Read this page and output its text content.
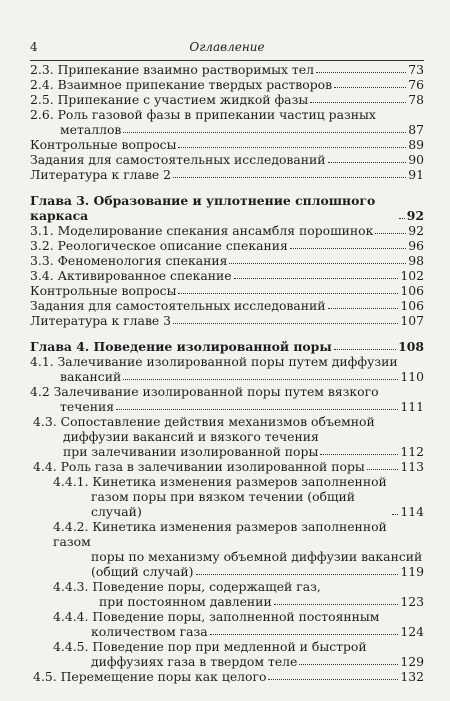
4	Оглавление
2.3. Припекание взаимно растворимых тел	73
2.4. Взаимное припекание твердых растворов	76
2.5. Припекание с участием жидкой фазы	78
2.6. Роль газовой фазы в припекании частиц разных
металлов	87
Контрольные вопросы	89
Задания для самостоятельных исследований	90
Литература к главе 2	91
Глава 3. Образование и уплотнение сплошного каркаса	92
3.1. Моделирование спекания ансамбля порошинок	92
3.2. Реологическое описание спекания	96
3.3. Феноменология спекания	98
3.4. Активированное спекание	102
Контрольные вопросы	106
Задания для самостоятельных исследований	106
Литература к главе 3	107
Глава 4. Поведение изолированной поры	108
4.1. Залечивание изолированной поры путем диффузии
вакансий	110
4.2 Залечивание изолированной поры путем вязкого
течения	111
4.3. Сопоставление действия механизмов объемной
диффузии вакансий и вязкого течения
при залечивании изолированной поры	112
4.4. Роль газа в залечивании изолированной поры	113
4.4.1. Кинетика изменения размеров заполненной
газом поры при вязком течении (общий случай)	114
4.4.2. Кинетика изменения размеров заполненной газом
поры по механизму объемной диффузии вакансий
(общий случай)	119
4.4.3. Поведение поры, содержащей газ,
при постоянном давлении	123
4.4.4. Поведение поры, заполненной постоянным
количеством газа	124
4.4.5. Поведение пор при медленной и быстрой
диффузиях газа в твердом теле	129
4.5. Перемещение поры как целого	132
